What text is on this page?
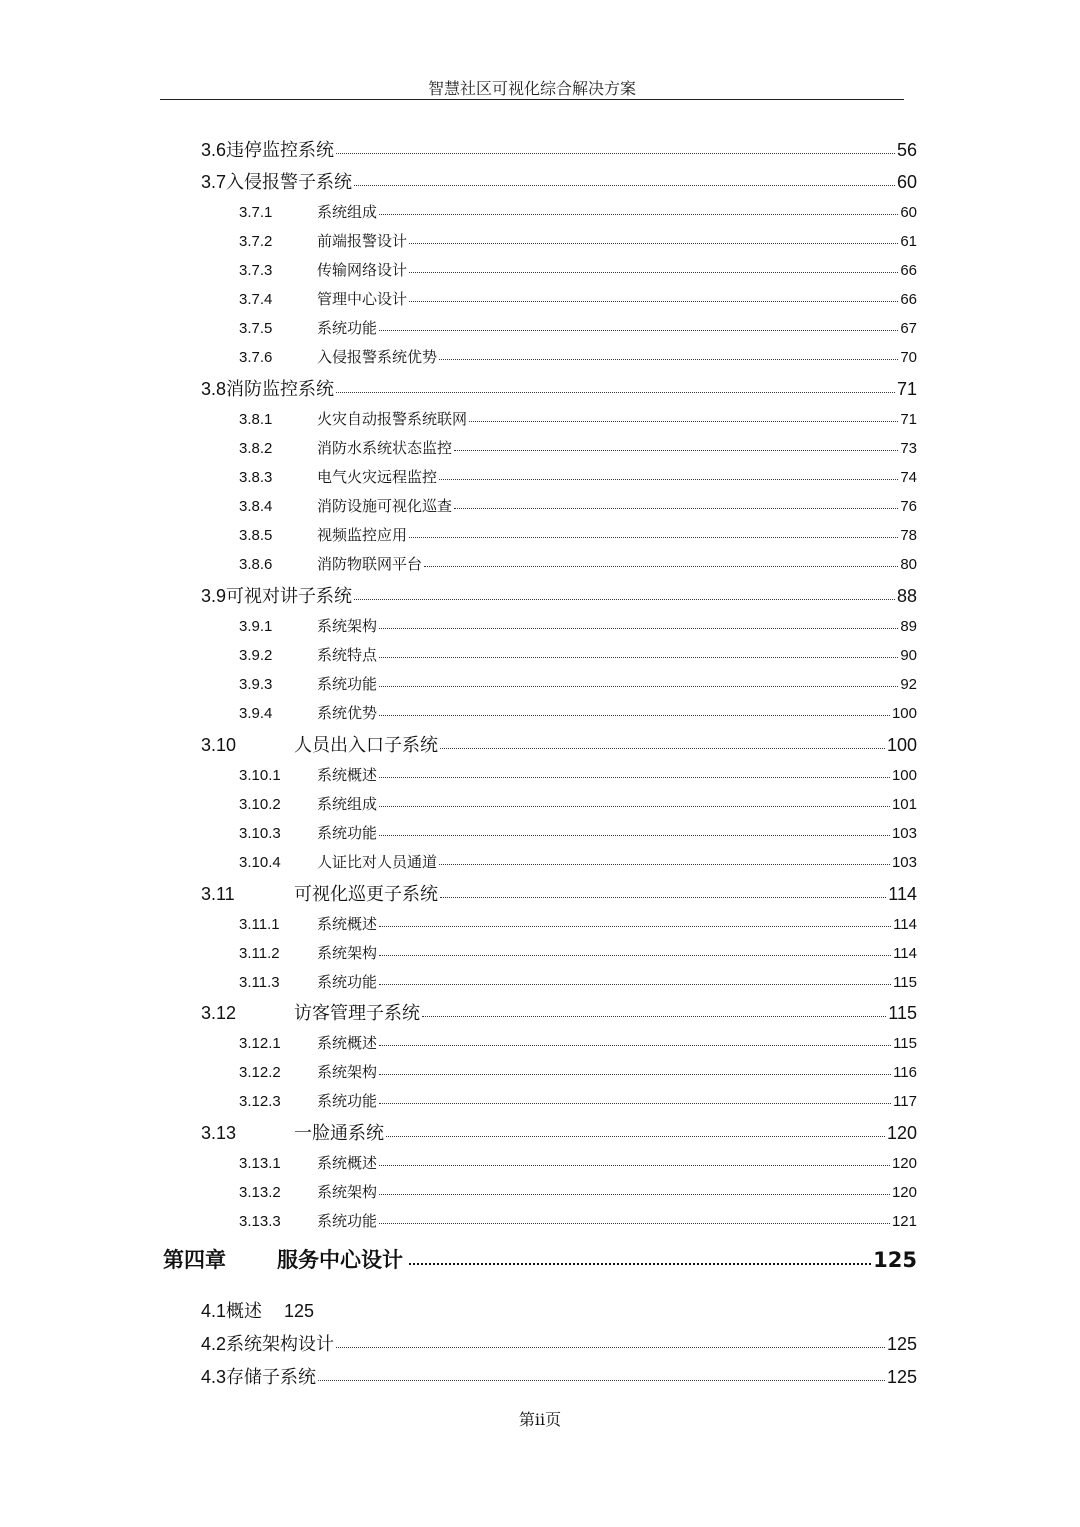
智慧社区可视化综合解决方案
3.6 违停监控系统	56
3.7 入侵报警子系统	60
3.7.1	系统组成	60
3.7.2	前端报警设计	61
3.7.3	传输网络设计	66
3.7.4	管理中心设计	66
3.7.5	系统功能	67
3.7.6	入侵报警系统优势	70
3.8 消防监控系统	71
3.8.1	火灾自动报警系统联网	71
3.8.2	消防水系统状态监控	73
3.8.3	电气火灾远程监控	74
3.8.4	消防设施可视化巡查	76
3.8.5	视频监控应用	78
3.8.6	消防物联网平台	80
3.9 可视对讲子系统	88
3.9.1	系统架构	89
3.9.2	系统特点	90
3.9.3	系统功能	92
3.9.4	系统优势	100
3.10	人员出入口子系统	100
3.10.1	系统概述	100
3.10.2	系统组成	101
3.10.3	系统功能	103
3.10.4	人证比对人员通道	103
3.11	可视化巡更子系统	114
3.11.1	系统概述	114
3.11.2	系统架构	114
3.11.3	系统功能	115
3.12	访客管理子系统	115
3.12.1	系统概述	115
3.12.2	系统架构	116
3.12.3	系统功能	117
3.13	一脸通系统	120
3.13.1	系统概述	120
3.13.2	系统架构	120
3.13.3	系统功能	121
第四章	服务中心设计	125
4.1 概述 125
4.2 系统架构设计	125
4.3 存储子系统	125
第ii页
